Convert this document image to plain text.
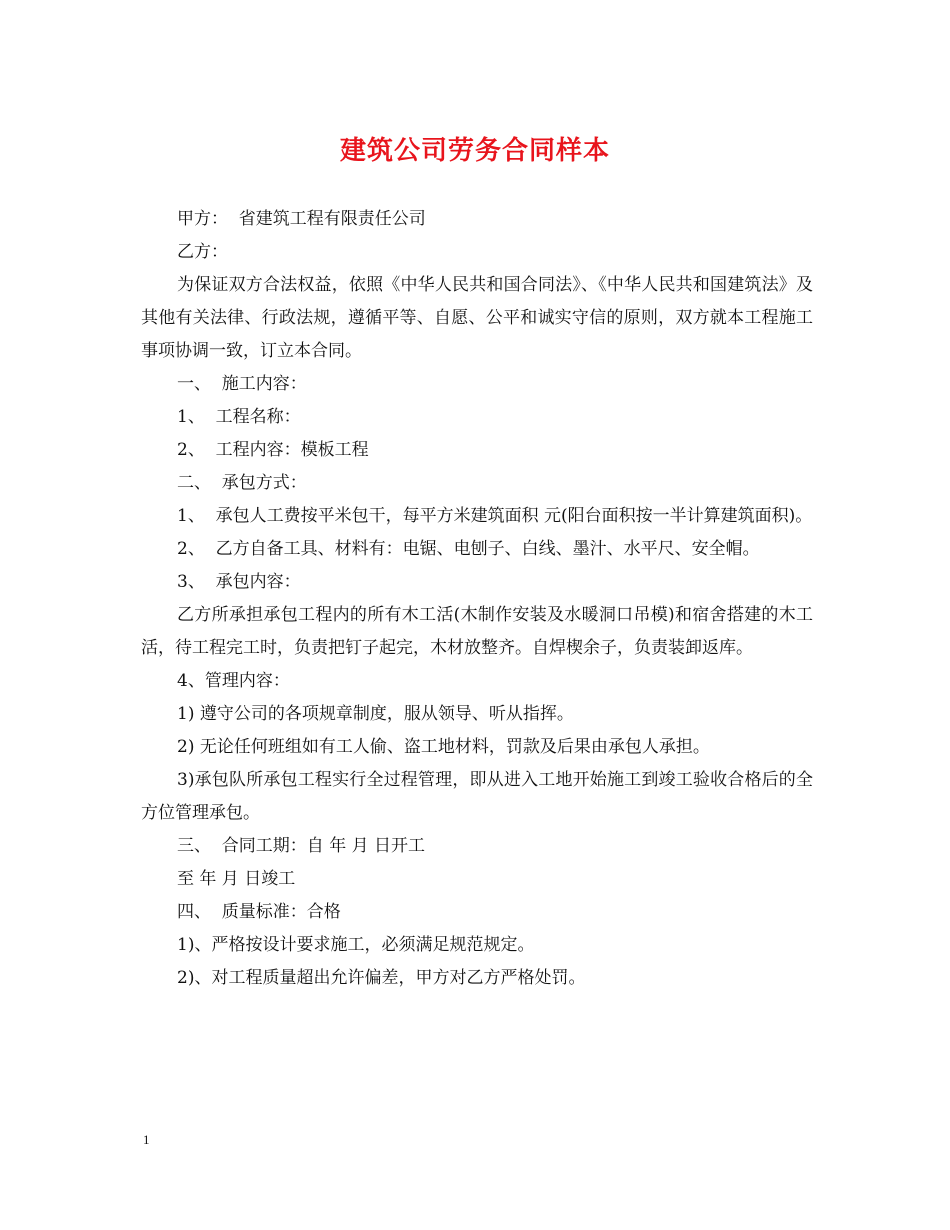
建筑公司劳务合同样本

甲方：  省建筑工程有限责任公司

乙方：

为保证双方合法权益，依照《中华人民共和国合同法》、《中华人民共和国建筑法》及其他有关法律、行政法规，遵循平等、自愿、公平和诚实守信的原则，双方就本工程施工事项协调一致，订立本合同。

一、  施工内容：

1、  工程名称：

2、  工程内容：模板工程

二、  承包方式：

1、  承包人工费按平米包干，每平方米建筑面积 元(阳台面积按一半计算建筑面积)。

2、  乙方自备工具、材料有：电锯、电刨子、白线、墨汁、水平尺、安全帽。

3、  承包内容：

乙方所承担承包工程内的所有木工活(木制作安装及水暖洞口吊模)和宿舍搭建的木工活，待工程完工时，负责把钉子起完，木材放整齐。自焊楔余子，负责装卸返库。

4、管理内容：

1) 遵守公司的各项规章制度，服从领导、听从指挥。

2) 无论任何班组如有工人偷、盗工地材料，罚款及后果由承包人承担。

3)承包队所承包工程实行全过程管理，即从进入工地开始施工到竣工验收合格后的全方位管理承包。

三、  合同工期：自 年 月 日开工

至 年 月 日竣工

四、  质量标准：合格

1)、严格按设计要求施工，必须满足规范规定。

2)、对工程质量超出允许偏差，甲方对乙方严格处罚。

1
